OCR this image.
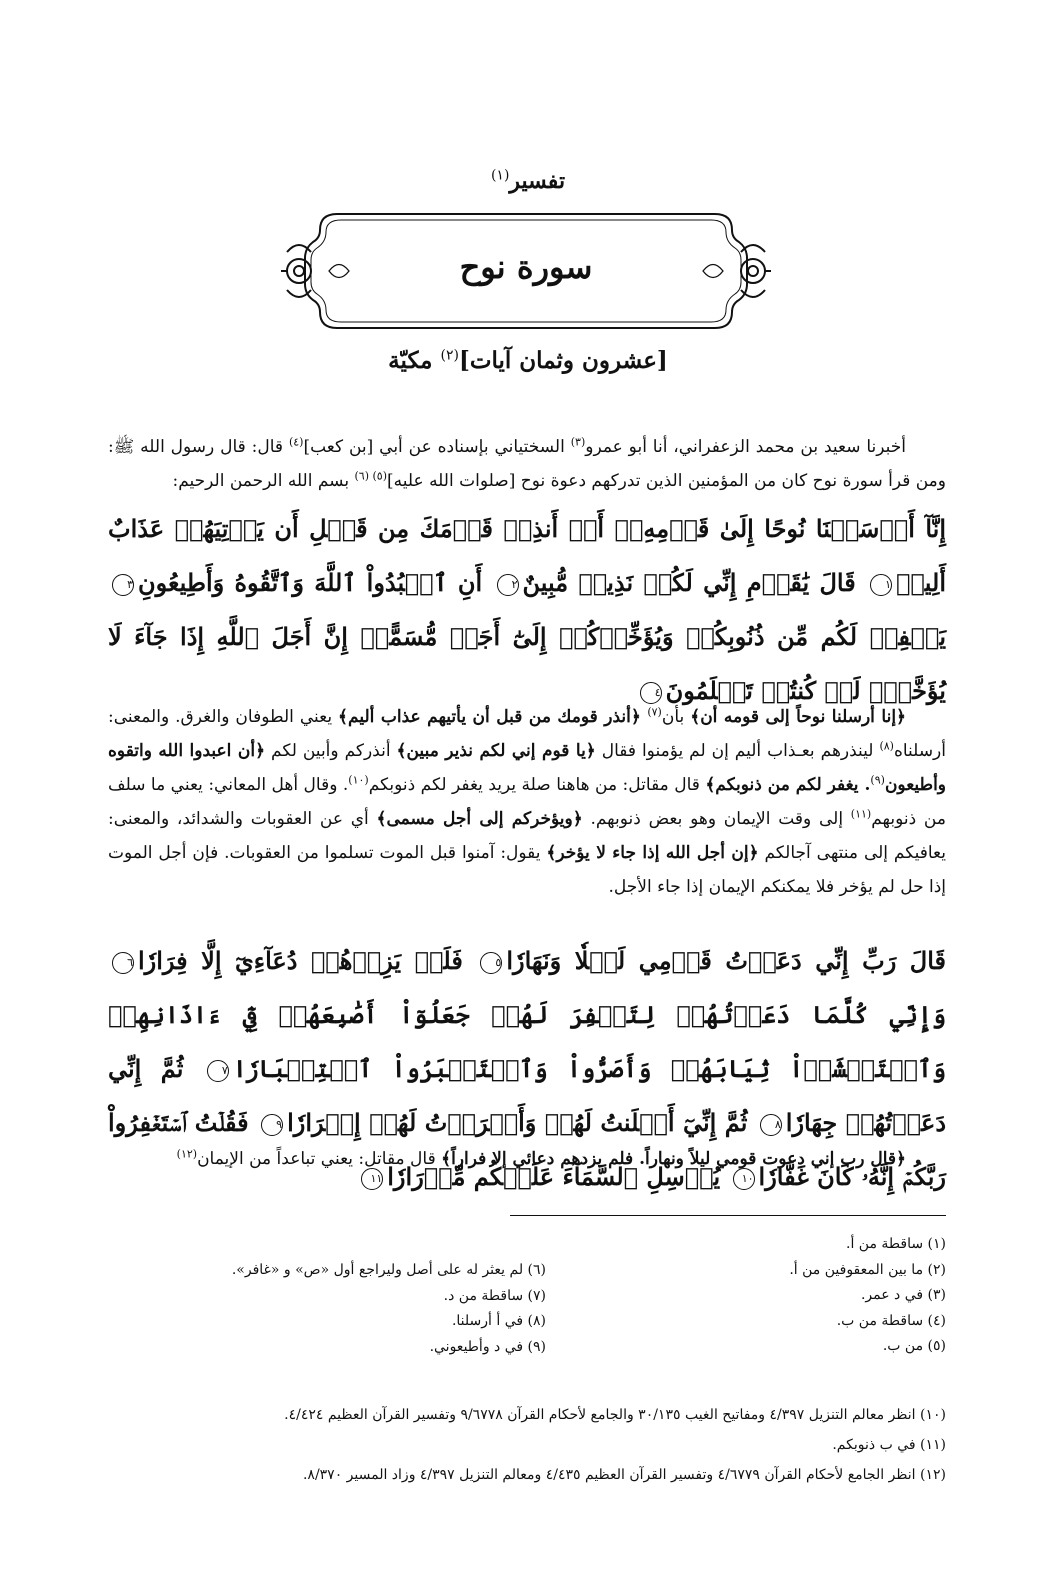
تفسير$^{(١)}$
سورة نوح
[عشرون وثمان آيات]$^{(٢)}$ مكيّة
أخبرنا سعيد بن محمد الزعفراني، أنا أبو عمرو$^{(٣)}$ السختياني بإسناده عن أبي [بن كعب]$^{(٤)}$ قال: قال رسول الله ﷺ: ومن قرأ سورة نوح كان من المؤمنين الذين تدركهم دعوة نوح [صلوات الله عليه]$^{(٥)}$ $^{(٦)}$ بسم الله الرحمن الرحيم:
إِنَّآ أَرۡسَلۡنَا نُوحًا إِلَىٰ قَوۡمِهِۦٓ أَنۡ أَنذِرۡ قَوۡمَكَ مِن قَبۡلِ أَن يَأۡتِيَهُمۡ عَذَابٌ أَلِيمٞ١ قَالَ يَٰقَوۡمِ إِنِّي لَكُمۡ نَذِيرٞ مُّبِينٌ٢ أَنِ ٱعۡبُدُواْ ٱللَّهَ وَٱتَّقُوهُ وَأَطِيعُونِ٣ يَغۡفِرۡ لَكُم مِّن ذُنُوبِكُمۡ وَيُؤَخِّرۡكُمۡ إِلَىٰٓ أَجَلٖ مُّسَمًّىۚ إِنَّ أَجَلَ ٱللَّهِ إِذَا جَآءَ لَا يُؤَخَّرُۚ لَوۡ كُنتُمۡ تَعۡلَمُونَ٤
﴿إنا أرسلنا نوحاً إلى قومه أن﴾ بأن$^{(٧)}$ ﴿أنذر قومك من قبل أن يأتيهم عذاب أليم﴾ يعني الطوفان والغرق. والمعنى: أرسلناه$^{(٨)}$ لينذرهم بعـذاب أليم إن لم يؤمنوا فقال ﴿يا قوم إني لكم نذير مبين﴾ أنذركم وأبين لكم ﴿أن اعبدوا الله واتقوه وأطيعون$^{(٩)}$. يغفر لكم من ذنوبكم﴾ قال مقاتل: من هاهنا صلة يريد يغفر لكم ذنوبكم$^{(١٠)}$. وقال أهل المعاني: يعني ما سلف من ذنوبهم$^{(١١)}$ إلى وقت الإيمان وهو بعض ذنوبهم. ﴿ويؤخركم إلى أجل مسمى﴾ أي عن العقوبات والشدائد، والمعنى: يعافيكم إلى منتهى آجالكم ﴿إن أجل الله إذا جاء لا يؤخر﴾ يقول: آمنوا قبل الموت تسلموا من العقوبات. فإن أجل الموت إذا حل لم يؤخر فلا يمكنكم الإيمان إذا جاء الأجل.
قَالَ رَبِّ إِنِّي دَعَوۡتُ قَوۡمِي لَيۡلٗا وَنَهَارٗا٥ فَلَمۡ يَزِدۡهُمۡ دُعَآءِيٓ إِلَّا فِرَارٗا٦ وَإِنِّي كُلَّمَا دَعَوۡتُهُمۡ لِتَغۡفِرَ لَهُمۡ جَعَلُوٓاْ أَصَٰبِعَهُمۡ فِيٓ ءَاذَانِهِمۡ وَٱسۡتَغۡشَوۡاْ ثِيَابَهُمۡ وَأَصَرُّواْ وَٱسۡتَكۡبَرُواْ ٱسۡتِكۡبَارٗا٧ ثُمَّ إِنِّي دَعَوۡتُهُمۡ جِهَارٗا٨ ثُمَّ إِنِّيٓ أَعۡلَنتُ لَهُمۡ وَأَسۡرَرۡتُ لَهُمۡ إِسۡرَارٗا٩ فَقُلۡتُ ٱسۡتَغۡفِرُواْ رَبَّكُمۡ إِنَّهُۥ كَانَ غَفَّارٗا١٠ يُرۡسِلِ ٱلسَّمَآءَ عَلَيۡكُم مِّدۡرَارٗا١١
﴿قال رب إني دعوت قومي ليلاً ونهاراً. فلم يزدهم دعائي إلا فراراً﴾ قال مقاتل: يعني تباعداً من الإيمان$^{(١٢)}$
(١) ساقطة من أ.
(٢) ما بين المعقوفين من أ.
(٣) في د عمر.
(٤) ساقطة من ب.
(٥) من ب.
(٦) لم يعثر له على أصل وليراجع أول «ص» و «غافر».
(٧) ساقطة من د.
(٨) في أ أرسلنا.
(٩) في د وأطيعوني.
(١٠) انظر معالم التنزيل ٤/٣٩٧ ومفاتيح الغيب ٣٠/١٣٥ والجامع لأحكام القرآن ٩/٦٧٧٨ وتفسير القرآن العظيم ٤/٤٢٤.
(١١) في ب ذنوبكم.
(١٢) انظر الجامع لأحكام القرآن ٤/٦٧٧٩ وتفسير القرآن العظيم ٤/٤٣٥ ومعالم التنزيل ٤/٣٩٧ وزاد المسير ٨/٣٧٠.
